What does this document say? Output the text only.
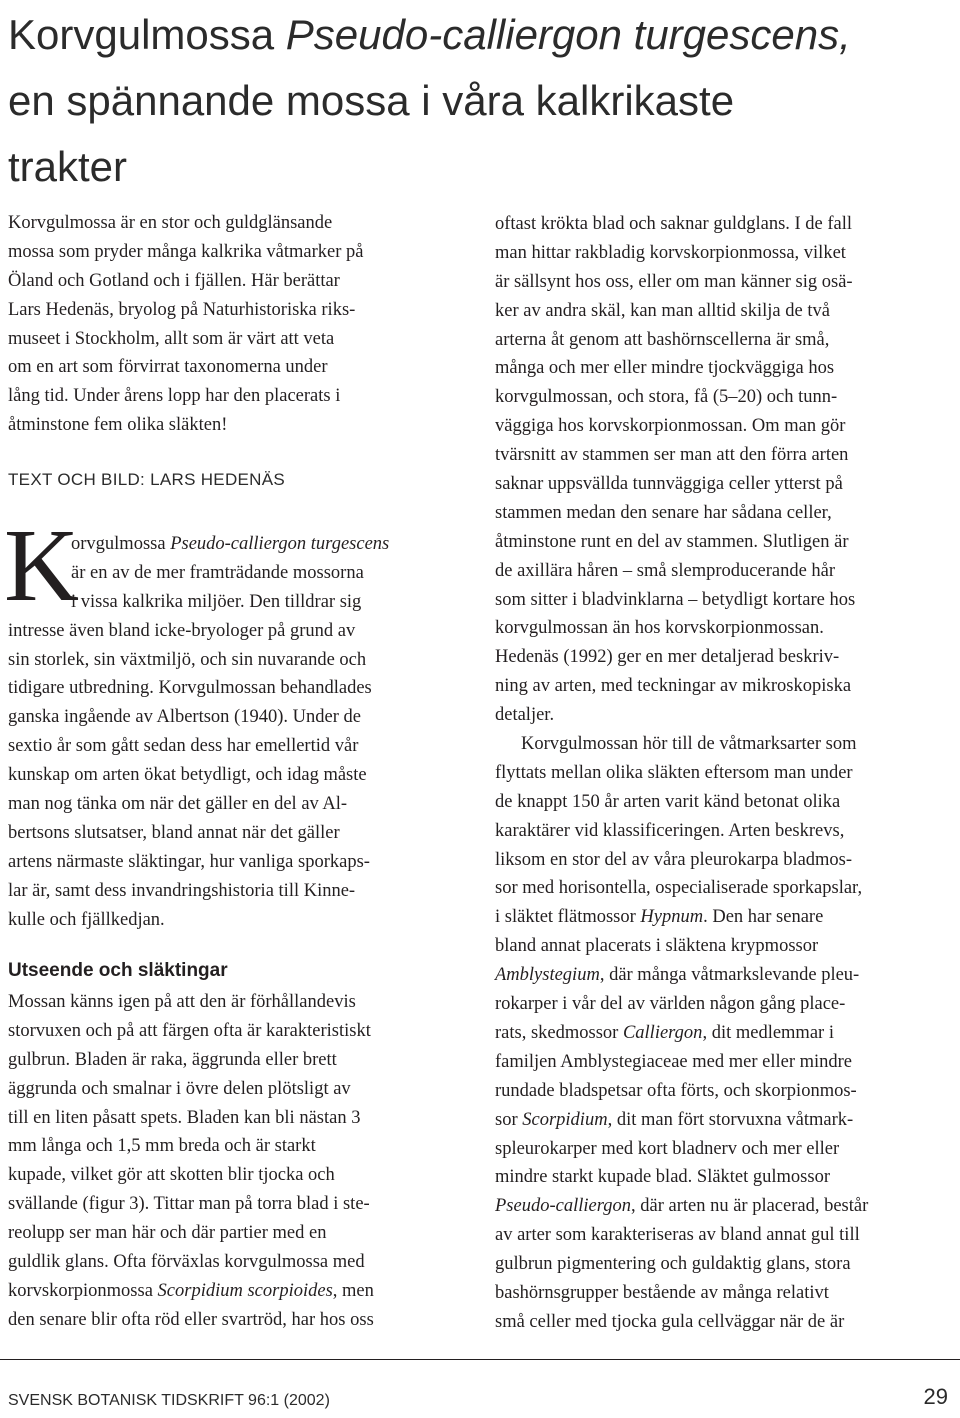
Korvgulmossa Pseudo-calliergon turgescens,
en spännande mossa i våra kalkrikaste
trakter
Korvgulmossa är en stor och guldglänsande
mossa som pryder många kalkrika våtmarker på
Öland och Gotland och i fjällen. Här berättar
Lars Hedenäs, bryolog på Naturhistoriska riks-
museet i Stockholm, allt som är värt att veta
om en art som förvirrat taxonomerna under
lång tid. Under årens lopp har den placerats i
åtminstone fem olika släkten!
TEXT OCH BILD: LARS HEDENÄS
K
orvgulmossa Pseudo-calliergon turgescens
är en av de mer framträdande mossorna
i vissa kalkrika miljöer. Den tilldrar sig
intresse även bland icke-bryologer på grund av
sin storlek, sin växtmiljö, och sin nuvarande och
tidigare utbredning. Korvgulmossan behandlades
ganska ingående av Albertson (1940). Under de
sextio år som gått sedan dess har emellertid vår
kunskap om arten ökat betydligt, och idag måste
man nog tänka om när det gäller en del av Al-
bertsons slutsatser, bland annat när det gäller
artens närmaste släktingar, hur vanliga sporkaps-
lar är, samt dess invandringshistoria till Kinne-
kulle och fjällkedjan.
Utseende och släktingar
Mossan känns igen på att den är förhållandevis
storvuxen och på att färgen ofta är karakteristiskt
gulbrun. Bladen är raka, äggrunda eller brett
äggrunda och smalnar i övre delen plötsligt av
till en liten påsatt spets. Bladen kan bli nästan 3
mm långa och 1,5 mm breda och är starkt
kupade, vilket gör att skotten blir tjocka och
svällande (figur 3). Tittar man på torra blad i ste-
reolupp ser man här och där partier med en
guldlik glans. Ofta förväxlas korvgulmossa med
korvskorpionmossa Scorpidium scorpioides, men
den senare blir ofta röd eller svartröd, har hos oss
oftast krökta blad och saknar guldglans. I de fall
man hittar rakbladig korvskorpionmossa, vilket
är sällsynt hos oss, eller om man känner sig osä-
ker av andra skäl, kan man alltid skilja de två
arterna åt genom att bashörnscellerna är små,
många och mer eller mindre tjockväggiga hos
korvgulmossan, och stora, få (5–20) och tunn-
väggiga hos korvskorpionmossan. Om man gör
tvärsnitt av stammen ser man att den förra arten
saknar uppsvällda tunnväggiga celler ytterst på
stammen medan den senare har sådana celler,
åtminstone runt en del av stammen. Slutligen är
de axillära håren – små slemproducerande hår
som sitter i bladvinklarna – betydligt kortare hos
korvgulmossan än hos korvskorpionmossan.
Hedenäs (1992) ger en mer detaljerad beskriv-
ning av arten, med teckningar av mikroskopiska
detaljer.
Korvgulmossan hör till de våtmarksarter som
flyttats mellan olika släkten eftersom man under
de knappt 150 år arten varit känd betonat olika
karaktärer vid klassificeringen. Arten beskrevs,
liksom en stor del av våra pleurokarpa bladmos-
sor med horisontella, ospecialiserade sporkapslar,
i släktet flätmossor Hypnum. Den har senare
bland annat placerats i släktena krypmossor
Amblystegium, där många våtmarkslevande pleu-
rokarper i vår del av världen någon gång place-
rats, skedmossor Calliergon, dit medlemmar i
familjen Amblystegiaceae med mer eller mindre
rundade bladspetsar ofta förts, och skorpionmos-
sor Scorpidium, dit man fört storvuxna våtmark-
spleurokarper med kort bladnerv och mer eller
mindre starkt kupade blad. Släktet gulmossor
Pseudo-calliergon, där arten nu är placerad, består
av arter som karakteriseras av bland annat gul till
gulbrun pigmentering och guldaktig glans, stora
bashörnsgrupper bestående av många relativt
små celler med tjocka gula cellväggar när de är
SVENSK BOTANISK TIDSKRIFT 96:1 (2002)	29
